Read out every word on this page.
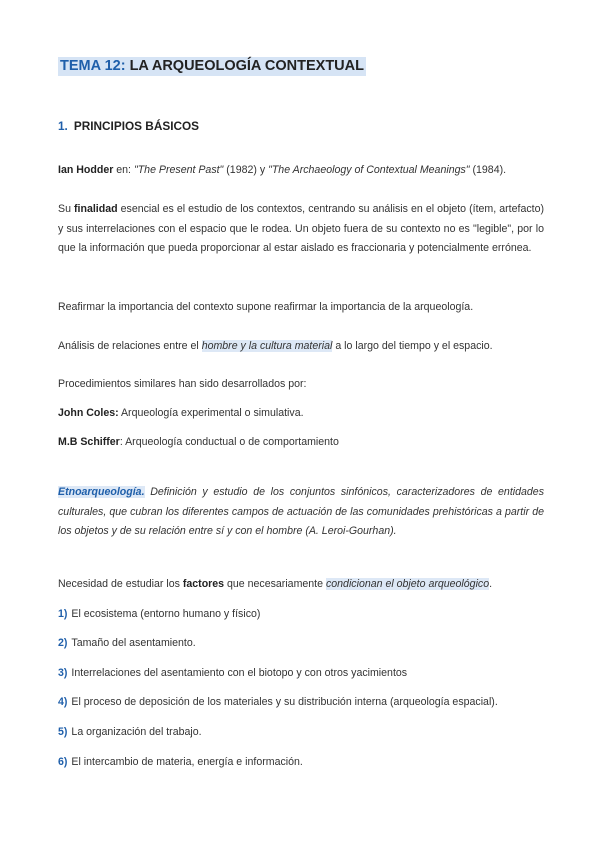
TEMA 12: LA ARQUEOLOGÍA CONTEXTUAL
1. PRINCIPIOS BÁSICOS
Ian Hodder en: "The Present Past" (1982) y "The Archaeology of Contextual Meanings" (1984).
Su finalidad esencial es el estudio de los contextos, centrando su análisis en el objeto (ítem, artefacto) y sus interrelaciones con el espacio que le rodea. Un objeto fuera de su contexto no es "legible", por lo que la información que pueda proporcionar al estar aislado es fraccionaria y potencialmente errónea.
Reafirmar la importancia del contexto supone reafirmar la importancia de la arqueología.
Análisis de relaciones entre el hombre y la cultura material a lo largo del tiempo y el espacio.
Procedimientos similares han sido desarrollados por:
John Coles: Arqueología experimental o simulativa.
M.B Schiffer: Arqueología conductual o de comportamiento
Etnoarqueología. Definición y estudio de los conjuntos sinfónicos, caracterizadores de entidades culturales, que cubran los diferentes campos de actuación de las comunidades prehistóricas a partir de los objetos y de su relación entre sí y con el hombre (A. Leroi-Gourhan).
Necesidad de estudiar los factores que necesariamente condicionan el objeto arqueológico.
1) El ecosistema (entorno humano y físico)
2) Tamaño del asentamiento.
3) Interrelaciones del asentamiento con el biotopo y con otros yacimientos
4) El proceso de deposición de los materiales y su distribución interna (arqueología espacial).
5) La organización del trabajo.
6) El intercambio de materia, energía e información.
